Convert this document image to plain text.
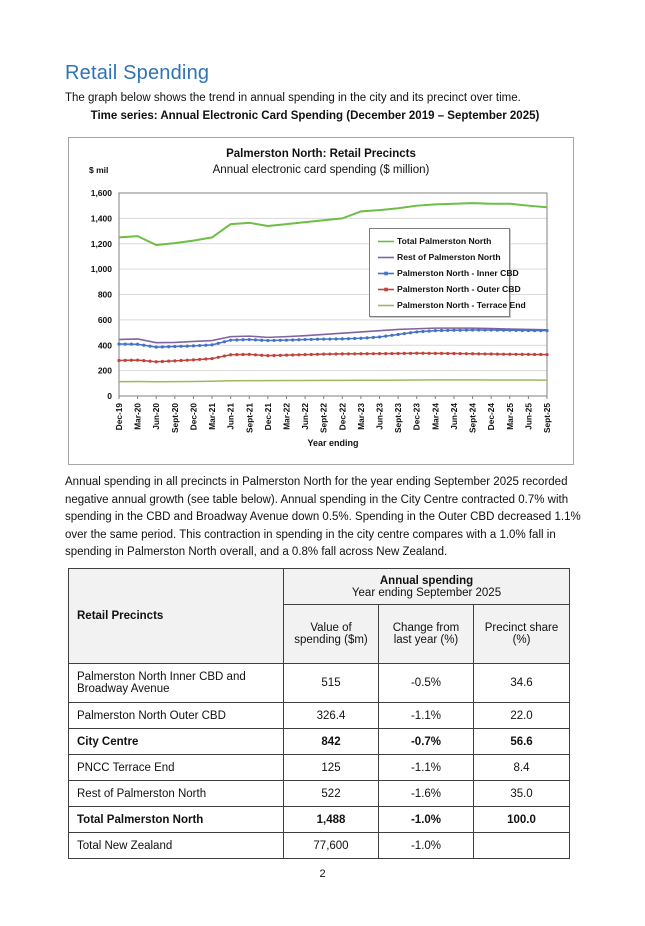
Retail Spending
The graph below shows the trend in annual spending in the city and its precinct over time.
Time series: Annual Electronic Card Spending (December 2019 – September 2025)
Palmerston North: Retail Precincts
Annual electronic card spending ($ million)
$ mil
0
200
400
600
800
1,000
1,200
1,400
1,600
Dec-19 Mar-20 Jun-20 Sept-20 Dec-20 Mar-21 Jun-21 Sept-21 Dec-21 Mar-22 Jun-22 Sept-22 Dec-22 Mar-23 Jun-23 Sept-23 Dec-23 Mar-24 Jun-24 Sept-24 Dec-24 Mar-25 Jun-25 Sept-25
Year ending
Total Palmerston North
Rest of Palmerston North
Palmerston North - Inner CBD
Palmerston North - Outer CBD
Palmerston North - Terrace End
Annual spending in all precincts in Palmerston North for the year ending September 2025 recorded negative annual growth (see table below). Annual spending in the City Centre contracted 0.7% with spending in the CBD and Broadway Avenue down 0.5%. Spending in the Outer CBD decreased 1.1% over the same period. This contraction in spending in the city centre compares with a 1.0% fall in spending in Palmerston North overall, and a 0.8% fall across New Zealand.
Retail Precincts	Annual spending
Year ending September 2025		

	Value of spending ($m)	Change from last year (%)	Precinct share (%)
Palmerston North Inner CBD and Broadway Avenue	515	-0.5%	34.6
Palmerston North Outer CBD	326.4	-1.1%	22.0
City Centre	842	-0.7%	56.6
PNCC Terrace End	125	-1.1%	8.4
Rest of Palmerston North	522	-1.6%	35.0
Total Palmerston North	1,488	-1.0%	100.0
Total New Zealand	77,600	-1.0%	
2
